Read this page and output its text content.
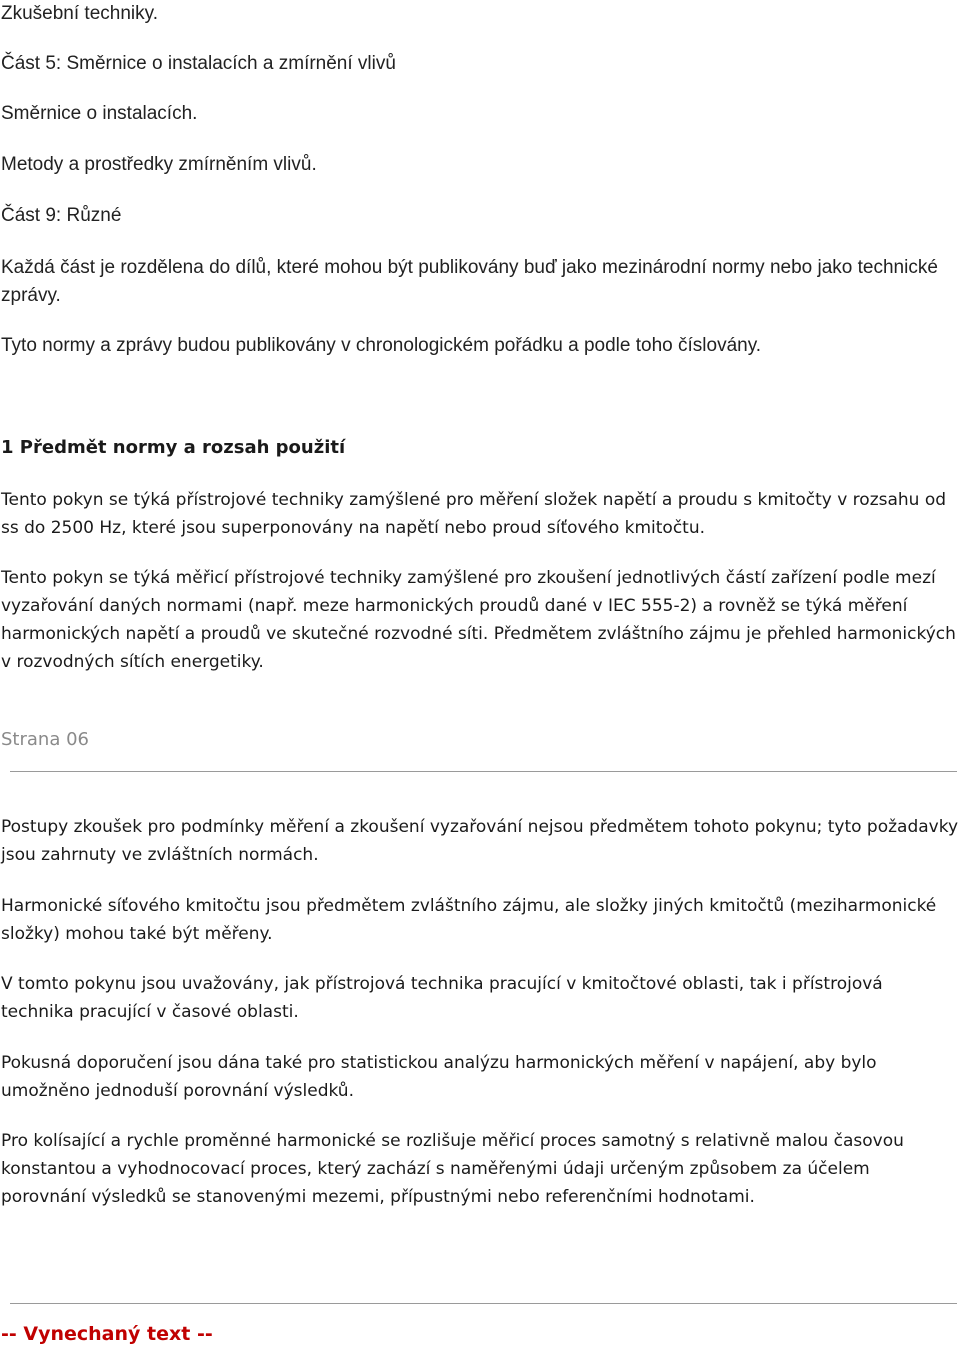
Zkušební techniky.

Část 5: Směrnice o instalacích a zmírnění vlivů

Směrnice o instalacích.

Metody a prostředky zmírněním vlivů.

Část 9: Různé

Každá část je rozdělena do dílů, které mohou být publikovány buď jako mezinárodní normy nebo jako technické zprávy.

Tyto normy a zprávy budou publikovány v chronologickém pořádku a podle toho číslovány.

1 Předmět normy a rozsah použití

Tento pokyn se týká přístrojové techniky zamýšlené pro měření složek napětí a proudu s kmitočty v rozsahu od ss do 2500 Hz, které jsou superponovány na napětí nebo proud síťového kmitočtu.

Tento pokyn se týká měřicí přístrojové techniky zamýšlené pro zkoušení jednotlivých částí zařízení podle mezí vyzařování daných normami (např. meze harmonických proudů dané v IEC 555-2) a rovněž se týká měření harmonických napětí a proudů ve skutečné rozvodné síti. Předmětem zvláštního zájmu je přehled harmonických v rozvodných sítích energetiky.

Strana 06

Postupy zkoušek pro podmínky měření a zkoušení vyzařování nejsou předmětem tohoto pokynu; tyto požadavky jsou zahrnuty ve zvláštních normách.

Harmonické síťového kmitočtu jsou předmětem zvláštního zájmu, ale složky jiných kmitočtů (meziharmonické složky) mohou také být měřeny.

V tomto pokynu jsou uvažovány, jak přístrojová technika pracující v kmitočtové oblasti, tak i přístrojová technika pracující v časové oblasti.

Pokusná doporučení jsou dána také pro statistickou analýzu harmonických měření v napájení, aby bylo umožněno jednoduší porovnání výsledků.

Pro kolísající a rychle proměnné harmonické se rozlišuje měřicí proces samotný s relativně malou časovou konstantou a vyhodnocovací proces, který zachází s naměřenými údaji určeným způsobem za účelem porovnání výsledků se stanovenými mezemi, přípustnými nebo referenčními hodnotami.

-- Vynechaný text --
